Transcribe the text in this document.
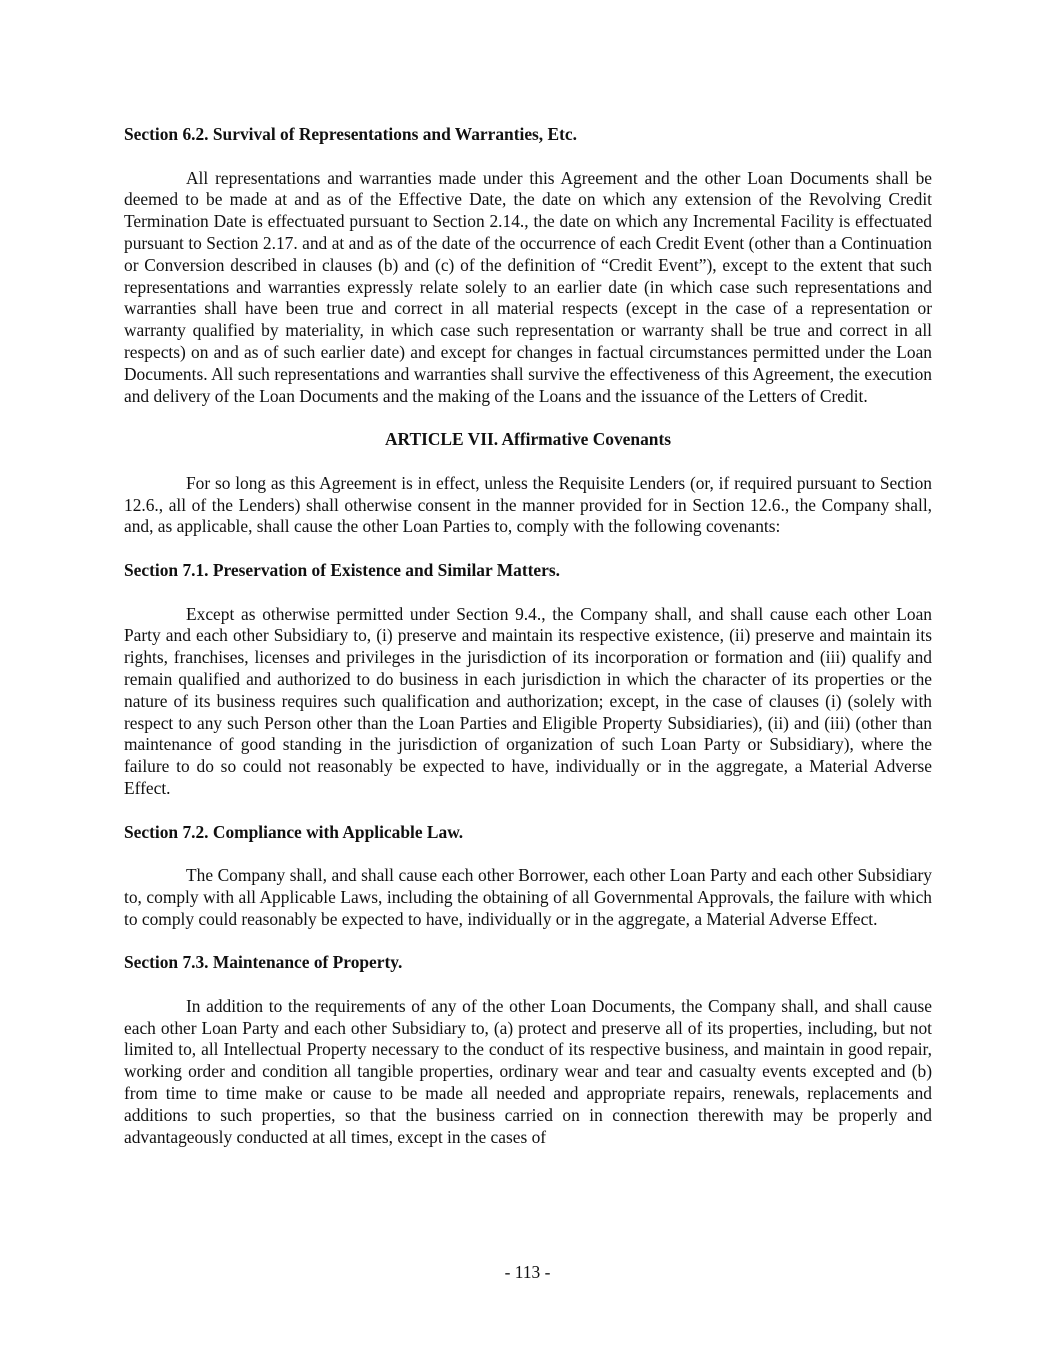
Section 6.2. Survival of Representations and Warranties, Etc.

All representations and warranties made under this Agreement and the other Loan Documents shall be deemed to be made at and as of the Effective Date, the date on which any extension of the Revolving Credit Termination Date is effectuated pursuant to Section 2.14., the date on which any Incremental Facility is effectuated pursuant to Section 2.17. and at and as of the date of the occurrence of each Credit Event (other than a Continuation or Conversion described in clauses (b) and (c) of the definition of “Credit Event”), except to the extent that such representations and warranties expressly relate solely to an earlier date (in which case such representations and warranties shall have been true and correct in all material respects (except in the case of a representation or warranty qualified by materiality, in which case such representation or warranty shall be true and correct in all respects) on and as of such earlier date) and except for changes in factual circumstances permitted under the Loan Documents. All such representations and warranties shall survive the effectiveness of this Agreement, the execution and delivery of the Loan Documents and the making of the Loans and the issuance of the Letters of Credit.

ARTICLE VII. Affirmative Covenants

For so long as this Agreement is in effect, unless the Requisite Lenders (or, if required pursuant to Section 12.6., all of the Lenders) shall otherwise consent in the manner provided for in Section 12.6., the Company shall, and, as applicable, shall cause the other Loan Parties to, comply with the following covenants:

Section 7.1. Preservation of Existence and Similar Matters.

Except as otherwise permitted under Section 9.4., the Company shall, and shall cause each other Loan Party and each other Subsidiary to, (i) preserve and maintain its respective existence, (ii) preserve and maintain its rights, franchises, licenses and privileges in the jurisdiction of its incorporation or formation and (iii) qualify and remain qualified and authorized to do business in each jurisdiction in which the character of its properties or the nature of its business requires such qualification and authorization; except, in the case of clauses (i) (solely with respect to any such Person other than the Loan Parties and Eligible Property Subsidiaries), (ii) and (iii) (other than maintenance of good standing in the jurisdiction of organization of such Loan Party or Subsidiary), where the failure to do so could not reasonably be expected to have, individually or in the aggregate, a Material Adverse Effect.

Section 7.2. Compliance with Applicable Law.

The Company shall, and shall cause each other Borrower, each other Loan Party and each other Subsidiary to, comply with all Applicable Laws, including the obtaining of all Governmental Approvals, the failure with which to comply could reasonably be expected to have, individually or in the aggregate, a Material Adverse Effect.

Section 7.3. Maintenance of Property.

In addition to the requirements of any of the other Loan Documents, the Company shall, and shall cause each other Loan Party and each other Subsidiary to, (a) protect and preserve all of its properties, including, but not limited to, all Intellectual Property necessary to the conduct of its respective business, and maintain in good repair, working order and condition all tangible properties, ordinary wear and tear and casualty events excepted and (b) from time to time make or cause to be made all needed and appropriate repairs, renewals, replacements and additions to such properties, so that the business carried on in connection therewith may be properly and advantageously conducted at all times, except in the cases of

- 113 -
